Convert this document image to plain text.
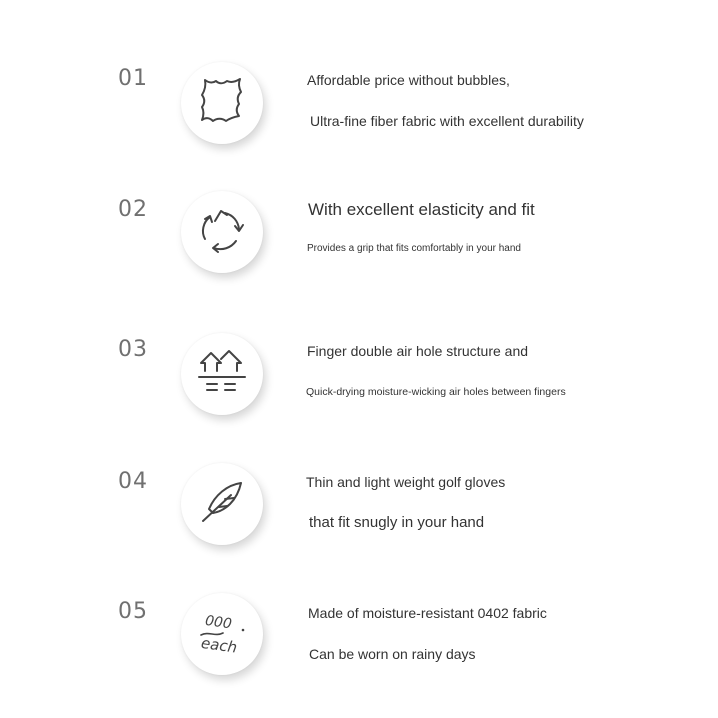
01	Affordable price without bubbles,
Ultra-fine fiber fabric with excellent durability
02	With excellent elasticity and fit
Provides a grip that fits comfortably in your hand
03	Finger double air hole structure and
Quick-drying moisture-wicking air holes between fingers
04	Thin and light weight golf gloves
that fit snugly in your hand
05	000
each
Made of moisture-resistant 0402 fabric
Can be worn on rainy days
